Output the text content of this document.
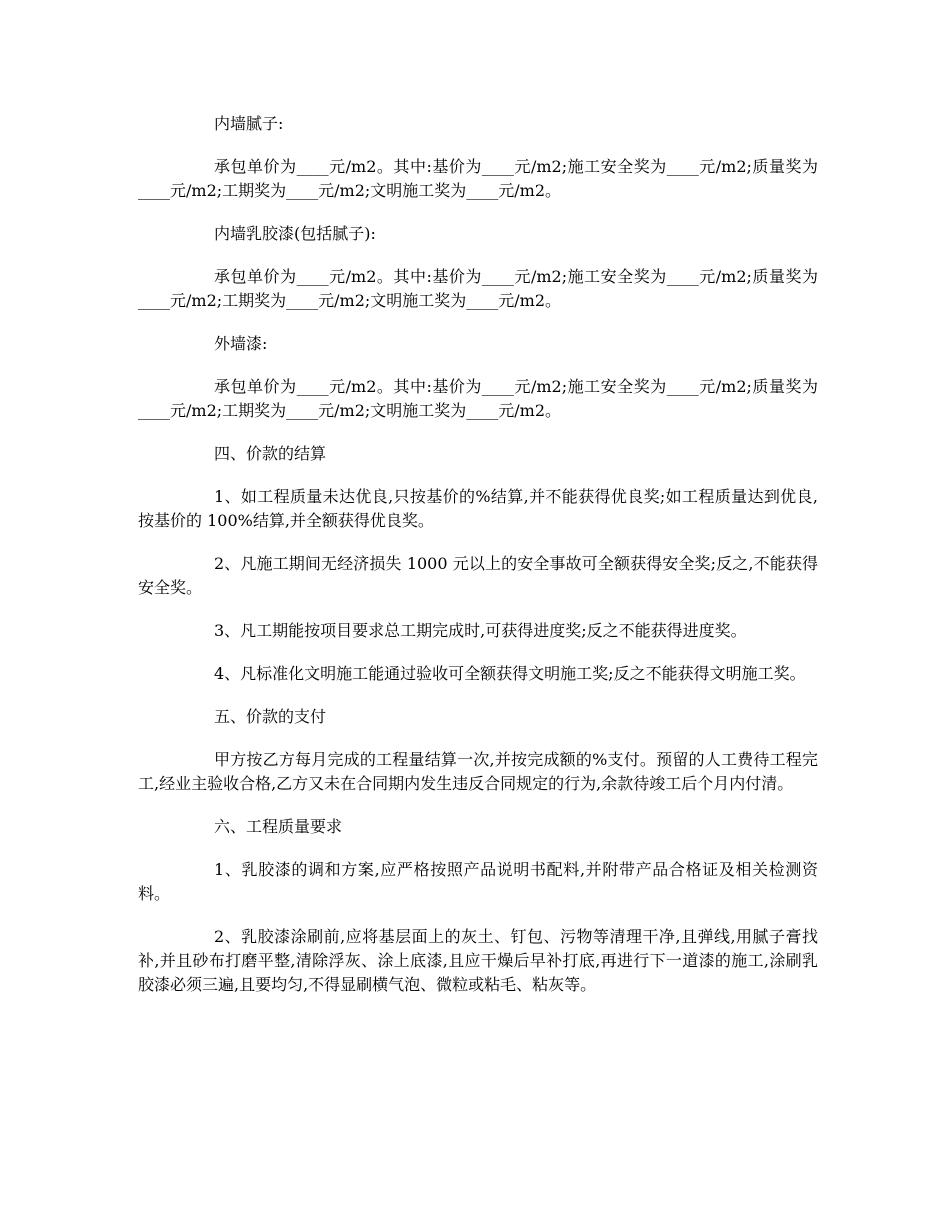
内墙腻子:

承包单价为____元/m2。其中:基价为____元/m2;施工安全奖为____元/m2;质量奖为____元/m2;工期奖为____元/m2;文明施工奖为____元/m2。

内墙乳胶漆(包括腻子):

承包单价为____元/m2。其中:基价为____元/m2;施工安全奖为____元/m2;质量奖为____元/m2;工期奖为____元/m2;文明施工奖为____元/m2。

外墙漆:

承包单价为____元/m2。其中:基价为____元/m2;施工安全奖为____元/m2;质量奖为____元/m2;工期奖为____元/m2;文明施工奖为____元/m2。

四、价款的结算

1、如工程质量未达优良,只按基价的%结算,并不能获得优良奖;如工程质量达到优良,按基价的 100%结算,并全额获得优良奖。

2、凡施工期间无经济损失 1000 元以上的安全事故可全额获得安全奖;反之,不能获得安全奖。

3、凡工期能按项目要求总工期完成时,可获得进度奖;反之不能获得进度奖。

4、凡标准化文明施工能通过验收可全额获得文明施工奖;反之不能获得文明施工奖。

五、价款的支付

甲方按乙方每月完成的工程量结算一次,并按完成额的%支付。预留的人工费待工程完工,经业主验收合格,乙方又未在合同期内发生违反合同规定的行为,余款待竣工后个月内付清。

六、工程质量要求

1、乳胶漆的调和方案,应严格按照产品说明书配料,并附带产品合格证及相关检测资料。

2、乳胶漆涂刷前,应将基层面上的灰土、钉包、污物等清理干净,且弹线,用腻子膏找补,并且砂布打磨平整,清除浮灰、涂上底漆,且应干燥后早补打底,再进行下一道漆的施工,涂刷乳胶漆必须三遍,且要均匀,不得显刷横气泡、微粒或粘毛、粘灰等。
